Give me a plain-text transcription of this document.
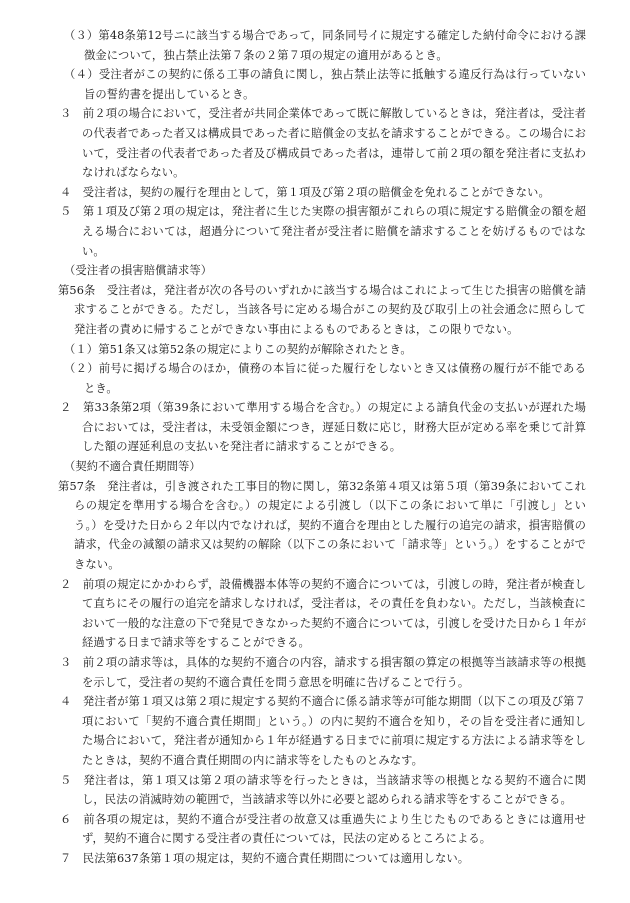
（３）第48条第12号ニに該当する場合であって，同条同号イに規定する確定した納付命令における課徴金について，独占禁止法第７条の２第７項の規定の適用があるとき。

（４）受注者がこの契約に係る工事の請負に関し，独占禁止法等に抵触する違反行為は行っていない旨の誓約書を提出しているとき。

３　前２項の場合において，受注者が共同企業体であって既に解散しているときは，発注者は，受注者の代表者であった者又は構成員であった者に賠償金の支払を請求することができる。この場合において，受注者の代表者であった者及び構成員であった者は，連帯して前２項の額を発注者に支払わなければならない。

４　受注者は，契約の履行を理由として，第１項及び第２項の賠償金を免れることができない。

５　第１項及び第２項の規定は，発注者に生じた実際の損害額がこれらの項に規定する賠償金の額を超える場合においては，超過分について発注者が受注者に賠償を請求することを妨げるものではない。

（受注者の損害賠償請求等）

第56条　受注者は，発注者が次の各号のいずれかに該当する場合はこれによって生じた損害の賠償を請求することができる。ただし，当該各号に定める場合がこの契約及び取引上の社会通念に照らして発注者の責めに帰することができない事由によるものであるときは，この限りでない。

（１）第51条又は第52条の規定によりこの契約が解除されたとき。

（２）前号に掲げる場合のほか，債務の本旨に従った履行をしないとき又は債務の履行が不能であるとき。

２　第33条第2項（第39条において準用する場合を含む。）の規定による請負代金の支払いが遅れた場合においては，受注者は，未受領金額につき，遅延日数に応じ，財務大臣が定める率を乗じて計算した額の遅延利息の支払いを発注者に請求することができる。

（契約不適合責任期間等）

第57条　発注者は，引き渡された工事目的物に関し，第32条第４項又は第５項（第39条においてこれらの規定を準用する場合を含む。）の規定による引渡し（以下この条において単に「引渡し」という。）を受けた日から２年以内でなければ，契約不適合を理由とした履行の追完の請求，損害賠償の請求，代金の減額の請求又は契約の解除（以下この条において「請求等」という。）をすることができない。

２　前項の規定にかかわらず，設備機器本体等の契約不適合については，引渡しの時，発注者が検査して直ちにその履行の追完を請求しなければ，受注者は，その責任を負わない。ただし，当該検査において一般的な注意の下で発見できなかった契約不適合については，引渡しを受けた日から１年が経過する日まで請求等をすることができる。

３　前２項の請求等は，具体的な契約不適合の内容，請求する損害額の算定の根拠等当該請求等の根拠を示して，受注者の契約不適合責任を問う意思を明確に告げることで行う。

４　発注者が第１項又は第２項に規定する契約不適合に係る請求等が可能な期間（以下この項及び第７項において「契約不適合責任期間」という。）の内に契約不適合を知り，その旨を受注者に通知した場合において，発注者が通知から１年が経過する日までに前項に規定する方法による請求等をしたときは，契約不適合責任期間の内に請求等をしたものとみなす。

５　発注者は，第１項又は第２項の請求等を行ったときは，当該請求等の根拠となる契約不適合に関し，民法の消滅時効の範囲で，当該請求等以外に必要と認められる請求等をすることができる。

６　前各項の規定は，契約不適合が受注者の故意又は重過失により生じたものであるときには適用せず，契約不適合に関する受注者の責任については，民法の定めるところによる。

７　民法第637条第１項の規定は，契約不適合責任期間については適用しない。
